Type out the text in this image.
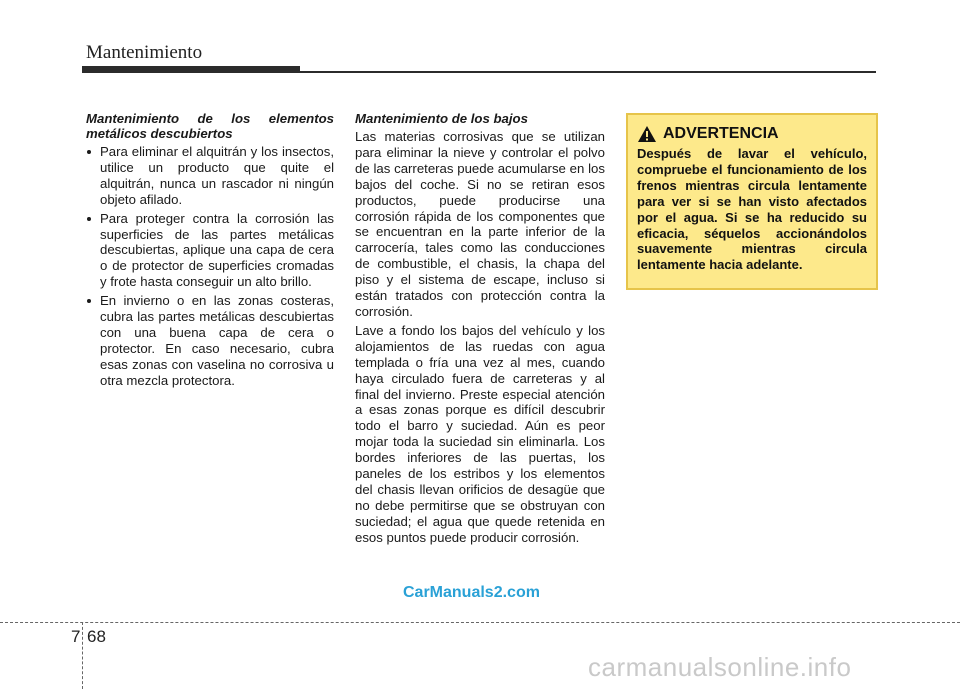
Mantenimiento
Mantenimiento de los elementos metálicos descubiertos
Para eliminar el alquitrán y los insectos, utilice un producto que quite el alquitrán, nunca un rascador ni ningún objeto afilado.
Para proteger contra la corrosión las superficies de las partes metálicas descubiertas, aplique una capa de cera o de protector de superficies cromadas y frote hasta conseguir un alto brillo.
En invierno o en las zonas costeras, cubra las partes metálicas descubiertas con una buena capa de cera o protector. En caso necesario, cubra esas zonas con vaselina no corrosiva u otra mezcla protectora.
Mantenimiento de los bajos

Las materias corrosivas que se utilizan para eliminar la nieve y controlar el polvo de las carreteras puede acumularse en los bajos del coche. Si no se retiran esos productos, puede producirse una corrosión rápida de los componentes que se encuentran en la parte inferior de la carrocería, tales como las conducciones de combustible, el chasis, la chapa del piso y el sistema de escape, incluso si están tratados con protección contra la corrosión.

Lave a fondo los bajos del vehículo y los alojamientos de las ruedas con agua templada o fría una vez al mes, cuando haya circulado fuera de carreteras y al final del invierno. Preste especial atención a esas zonas porque es difícil descubrir todo el barro y suciedad. Aún es peor mojar toda la suciedad sin eliminarla. Los bordes inferiores de las puertas, los paneles de los estribos y los elementos del chasis llevan orificios de desagüe que no debe permitirse que se obstruyan con suciedad; el agua que quede retenida en esos puntos puede producir corrosión.

ADVERTENCIA
Después de lavar el vehículo, compruebe el funcionamiento de los frenos mientras circula lentamente para ver si se han visto afectados por el agua. Si se ha reducido su eficacia, séquelos accionándolos suavemente mientras circula lentamente hacia adelante.
CarManuals2.com
7 68
carmanualsonline.info
